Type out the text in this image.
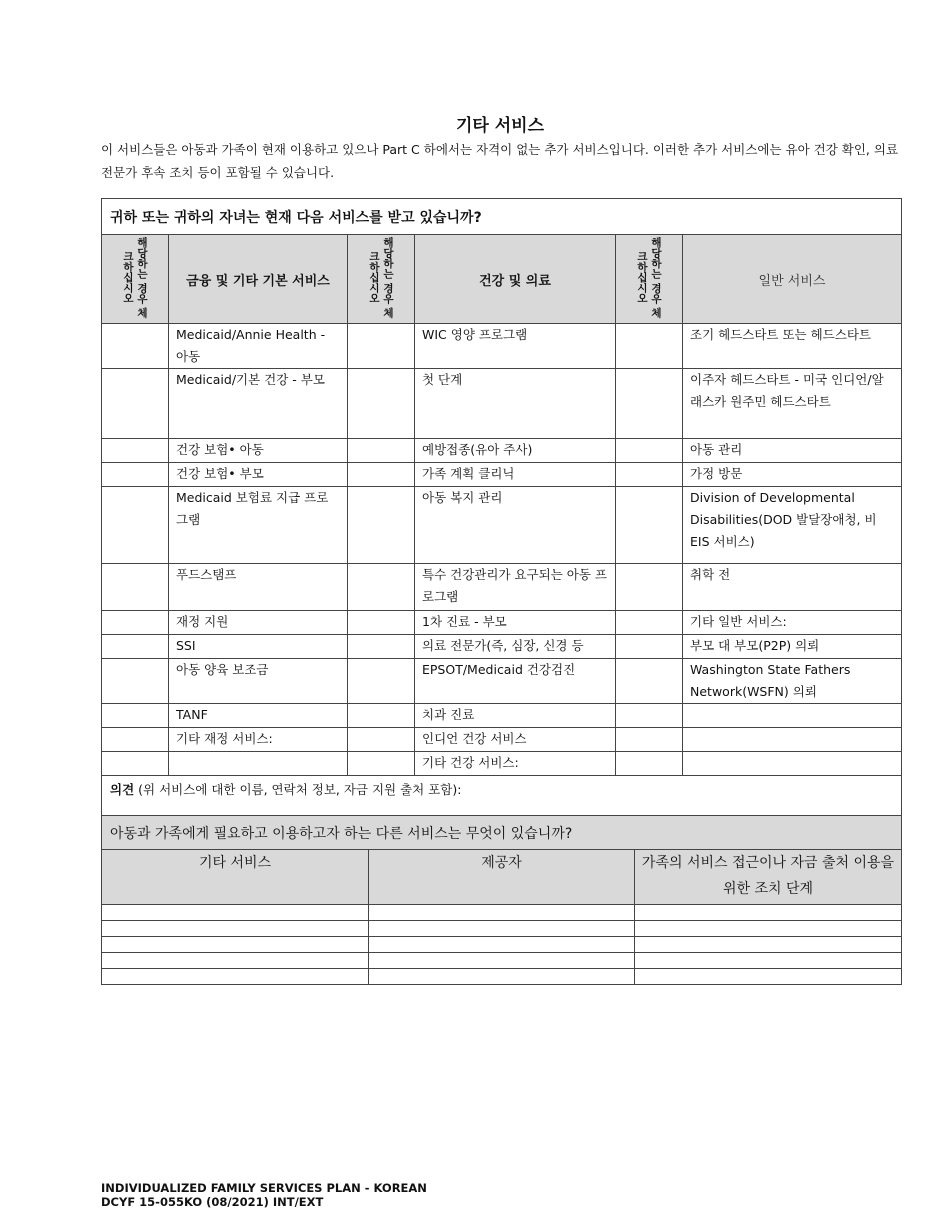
기타 서비스
이 서비스들은 아동과 가족이 현재 이용하고 있으나 Part C 하에서는 자격이 없는 추가 서비스입니다. 이러한 추가 서비스에는 유아 건강 확인, 의료 전문가 후속 조치 등이 포함될 수 있습니다.
귀하 또는 귀하의 자녀는 현재 다음 서비스를 받고 있습니까?					
해당하는 경우 체크하십시오	금융 및 기타 기본 서비스	해당하는 경우 체크하십시오	건강 및 의료	해당하는 경우 체크하십시오	일반 서비스
	Medicaid/Annie Health - 아동		WIC 영양 프로그램		조기 헤드스타트 또는 헤드스타트
	Medicaid/기본 건강 - 부모		첫 단계		이주자 헤드스타트 - 미국 인디언/알래스카 원주민 헤드스타트
	건강 보험• 아동		예방접종(유아 주사)		아동 관리
	건강 보험• 부모		가족 계획 클리닉		가정 방문
	Medicaid 보험료 지급 프로그램		아동 복지 관리		Division of Developmental Disabilities(DOD 발달장애청, 비 EIS 서비스)
	푸드스탬프		특수 건강관리가 요구되는 아동 프로그램		취학 전
	재정 지원		1차 진료 - 부모		기타 일반 서비스:
	SSI		의료 전문가(즉, 심장, 신경 등		부모 대 부모(P2P) 의뢰
	아동 양육 보조금		EPSOT/Medicaid 건강검진		Washington State Fathers Network(WSFN) 의뢰
	TANF		치과 진료		
	기타 재정 서비스:		인디언 건강 서비스		
			기타 건강 서비스:		
의견 (위 서비스에 대한 이름, 연락처 정보, 자금 지원 출처 포함):					
아동과 가족에게 필요하고 이용하고자 하는 다른 서비스는 무엇이 있습니까?		
기타 서비스	제공자	가족의 서비스 접근이나 자금 출처 이용을 위한 조치 단계

INDIVIDUALIZED FAMILY SERVICES PLAN - KOREAN
DCYF 15-055KO (08/2021) INT/EXT
